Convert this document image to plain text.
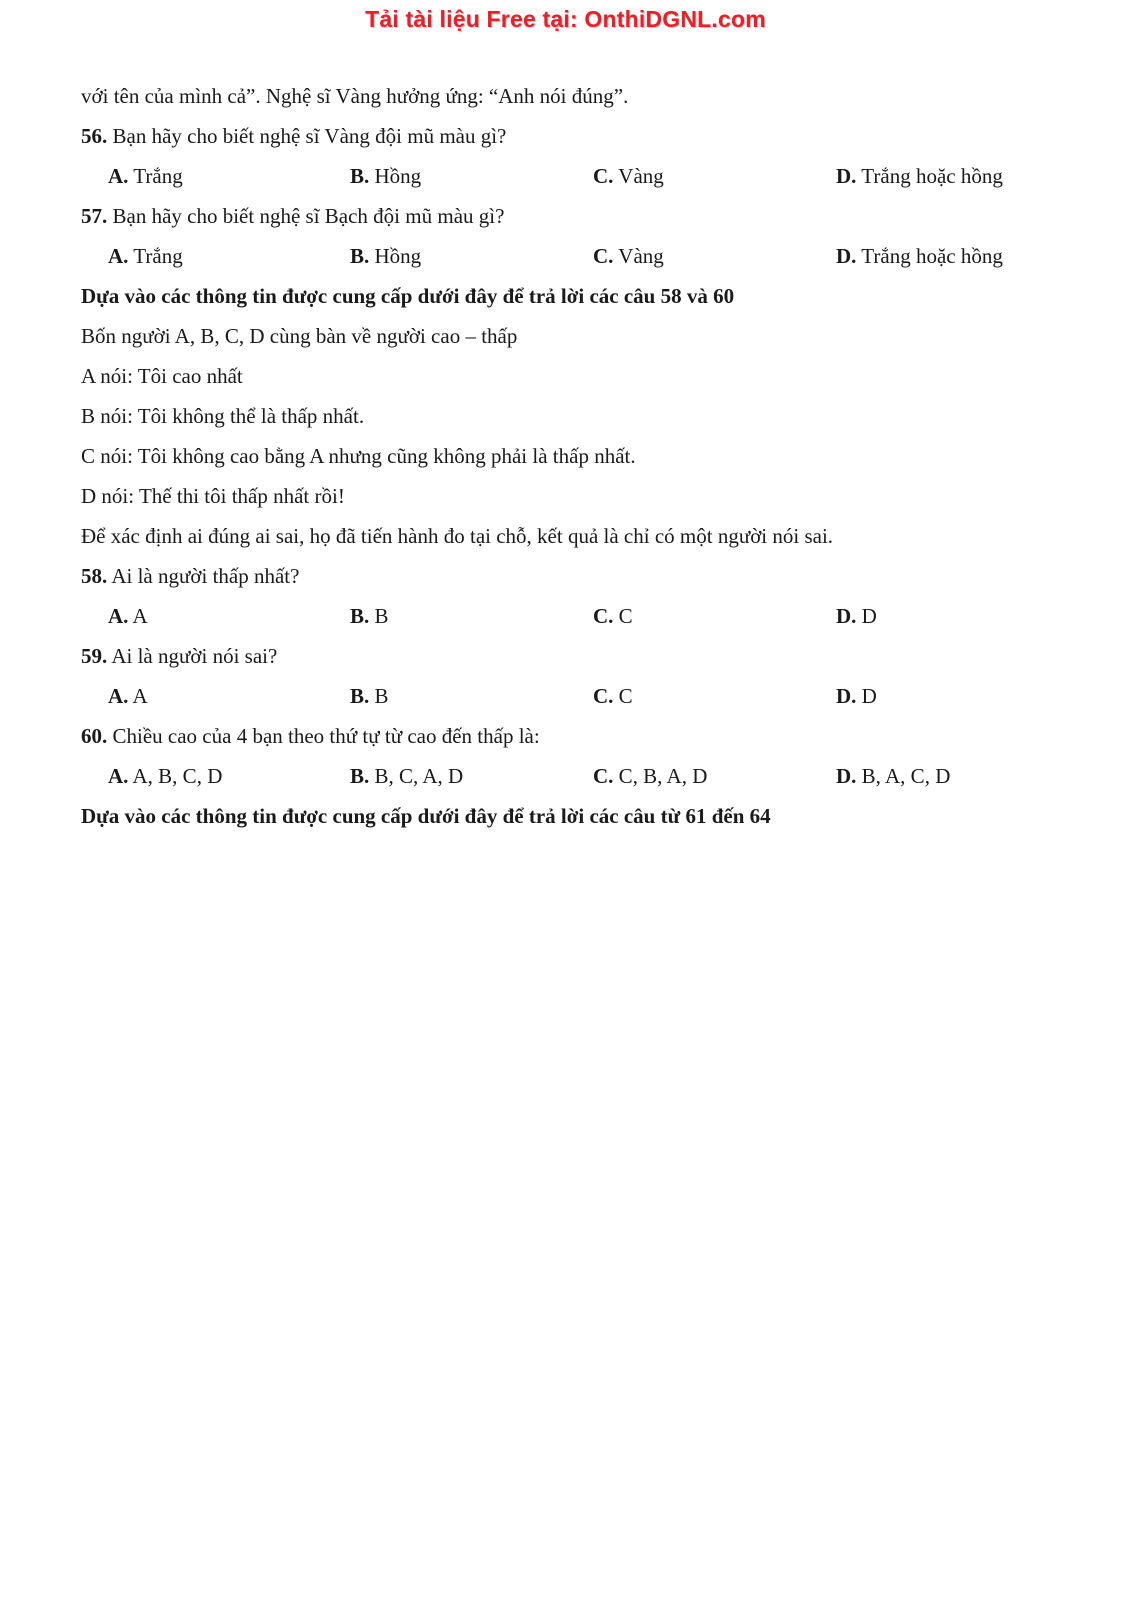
Tải tài liệu Free tại: OnthiDGNL.com
với tên của mình cả”. Nghệ sĩ Vàng hưởng ứng: “Anh nói đúng”.
56. Bạn hãy cho biết nghệ sĩ Vàng đội mũ màu gì?
A. Trắng	B. Hồng	C. Vàng	D. Trắng hoặc hồng
57. Bạn hãy cho biết nghệ sĩ Bạch đội mũ màu gì?
A. Trắng	B. Hồng	C. Vàng	D. Trắng hoặc hồng
Dựa vào các thông tin được cung cấp dưới đây để trả lời các câu 58 và 60
Bốn người A, B, C, D cùng bàn về người cao – thấp
A nói: Tôi cao nhất
B nói: Tôi không thể là thấp nhất.
C nói: Tôi không cao bằng A nhưng cũng không phải là thấp nhất.
D nói: Thế thi tôi thấp nhất rồi!
Để xác định ai đúng ai sai, họ đã tiến hành đo tại chỗ, kết quả là chỉ có một người nói sai.
58. Ai là người thấp nhất?
A. A	B. B	C. C	D. D
59. Ai là người nói sai?
A. A	B. B	C. C	D. D
60. Chiều cao của 4 bạn theo thứ tự từ cao đến thấp là:
A. A, B, C, D	B. B, C, A, D	C. C, B, A, D	D. B, A, C, D
Dựa vào các thông tin được cung cấp dưới đây để trả lời các câu từ 61 đến 64
